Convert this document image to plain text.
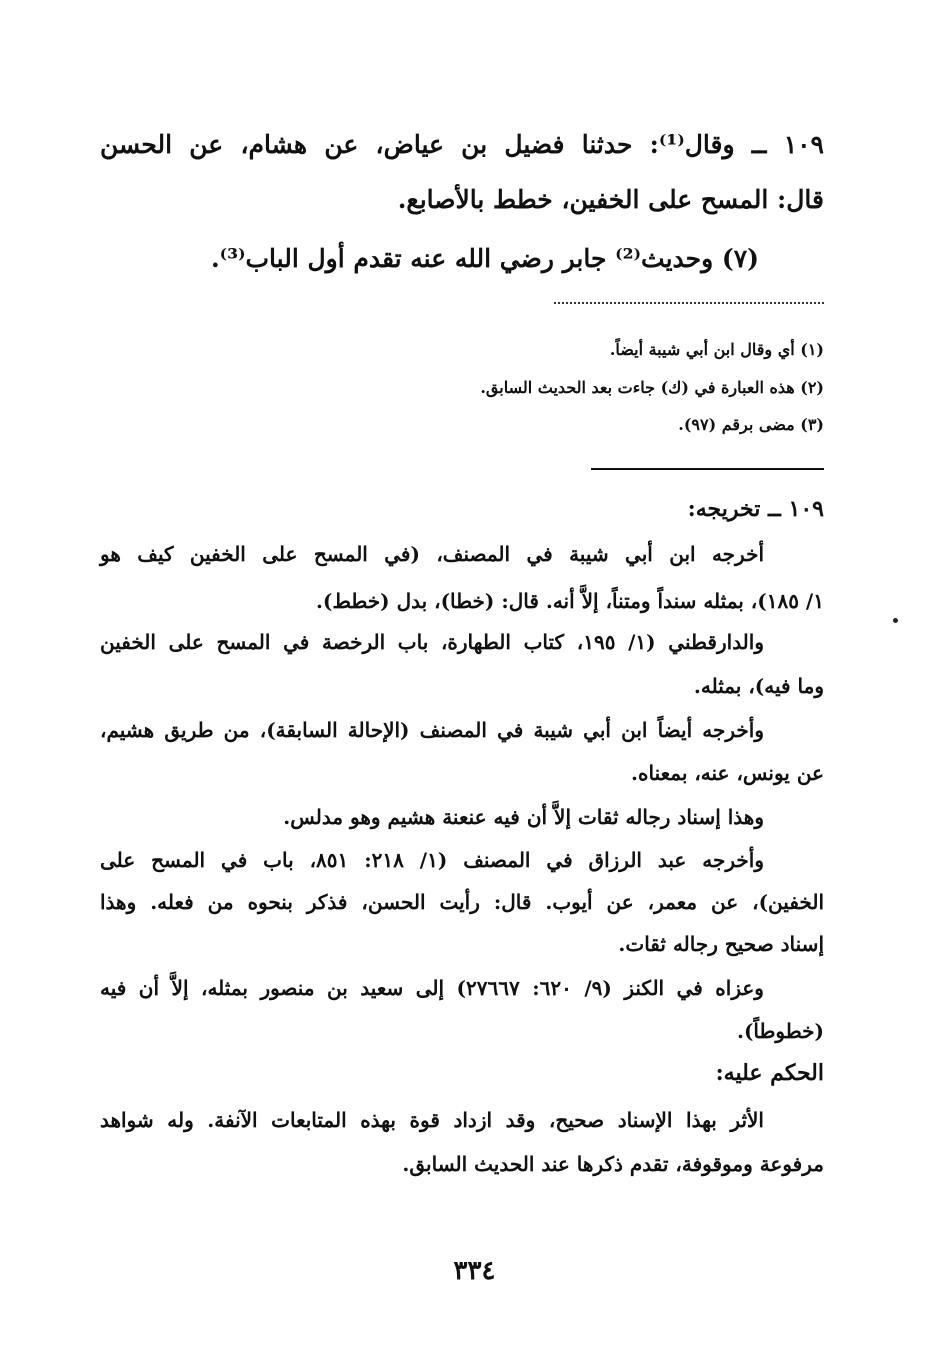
١٠٩ ــ وقال⁽¹⁾: حدثنا فضيل بن عياض، عن هشام، عن الحسن
قال: المسح على الخفين، خطط بالأصابع.
(٧) وحديث⁽²⁾ جابر رضي الله عنه تقدم أول الباب⁽³⁾.
(١) أي وقال ابن أبي شيبة أيضاً.
(٢) هذه العبارة في (ك) جاءت بعد الحديث السابق.
(٣) مضى برقم (٩٧).
١٠٩ ــ تخريجه:
أخرجه ابن أبي شيبة في المصنف، (في المسح على الخفين كيف هو
١/ ١٨٥)، بمثله سنداً ومتناً، إلاَّ أنه. قال: (خطا)، بدل (خطط).
والدارقطني (١/ ١٩٥، كتاب الطهارة، باب الرخصة في المسح على الخفين
وما فيه)، بمثله.
وأخرجه أيضاً ابن أبي شيبة في المصنف (الإحالة السابقة)، من طريق هشيم،
عن يونس، عنه، بمعناه.
وهذا إسناد رجاله ثقات إلاَّ أن فيه عنعنة هشيم وهو مدلس.
وأخرجه عبد الرزاق في المصنف (١/ ٢١٨: ٨٥١، باب في المسح على
الخفين)، عن معمر، عن أيوب. قال: رأيت الحسن، فذكر بنحوه من فعله. وهذا
إسناد صحيح رجاله ثقات.
وعزاه في الكنز (٩/ ٦٢٠: ٢٧٦٦٧) إلى سعيد بن منصور بمثله، إلاَّ أن فيه
(خطوطاً).
الحكم عليه:
الأثر بهذا الإسناد صحيح، وقد ازداد قوة بهذه المتابعات الآنفة. وله شواهد
مرفوعة وموقوفة، تقدم ذكرها عند الحديث السابق.
٣٣٤
